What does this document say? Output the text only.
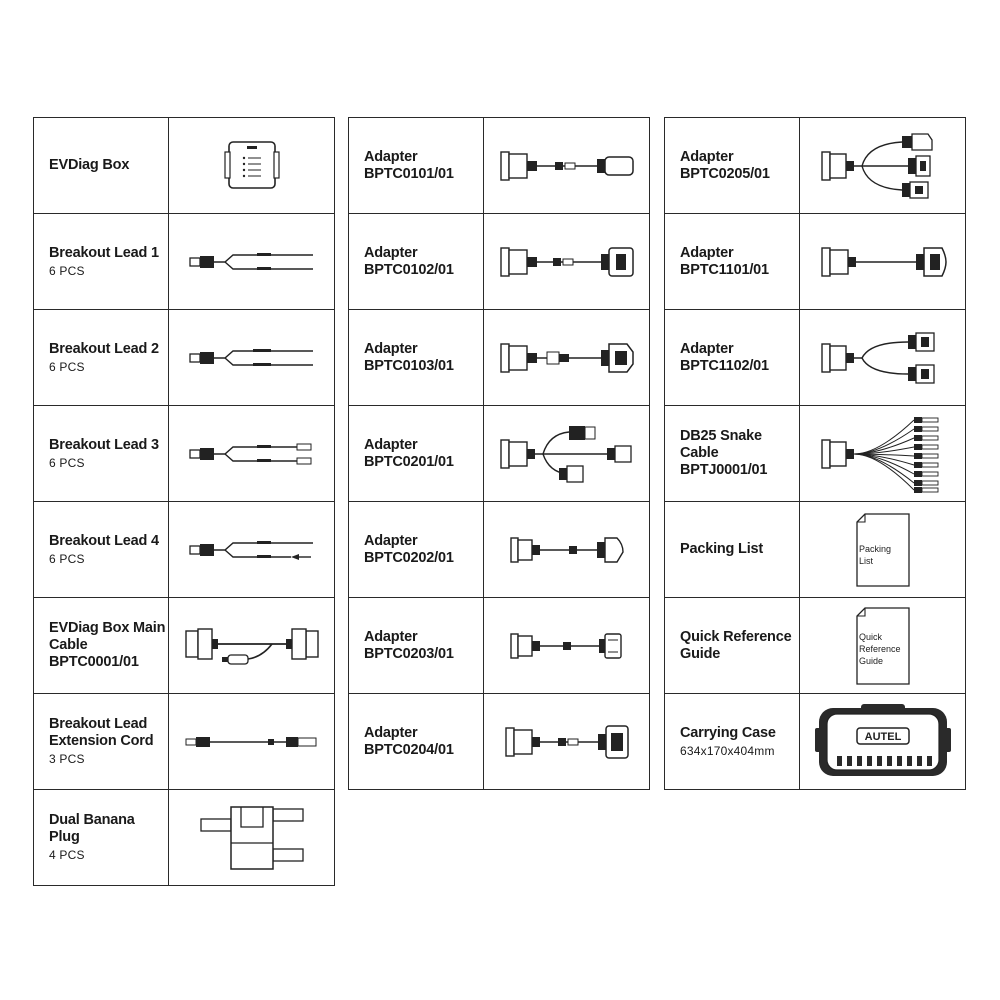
EVDiag Box
Breakout Lead 1
6 PCS
Breakout Lead 2
6 PCS
Breakout Lead 3
6 PCS
Breakout Lead 4
6 PCS
EVDiag Box Main
Cable
BPTC0001/01
Breakout Lead
Extension Cord
3 PCS
Dual Banana Plug
4 PCS
Adapter
BPTC0101/01
Adapter
BPTC0102/01
Adapter
BPTC0103/01
Adapter
BPTC0201/01
Adapter
BPTC0202/01
Adapter
BPTC0203/01
Adapter
BPTC0204/01
Adapter
BPTC0205/01
Adapter
BPTC1101/01
Adapter
BPTC1102/01
DB25 Snake
Cable
BPTJ0001/01
Packing List	Packing
List
Quick Reference
Guide
Quick
Reference
Guide
Carrying Case
634x170x404mm
AUTEL
